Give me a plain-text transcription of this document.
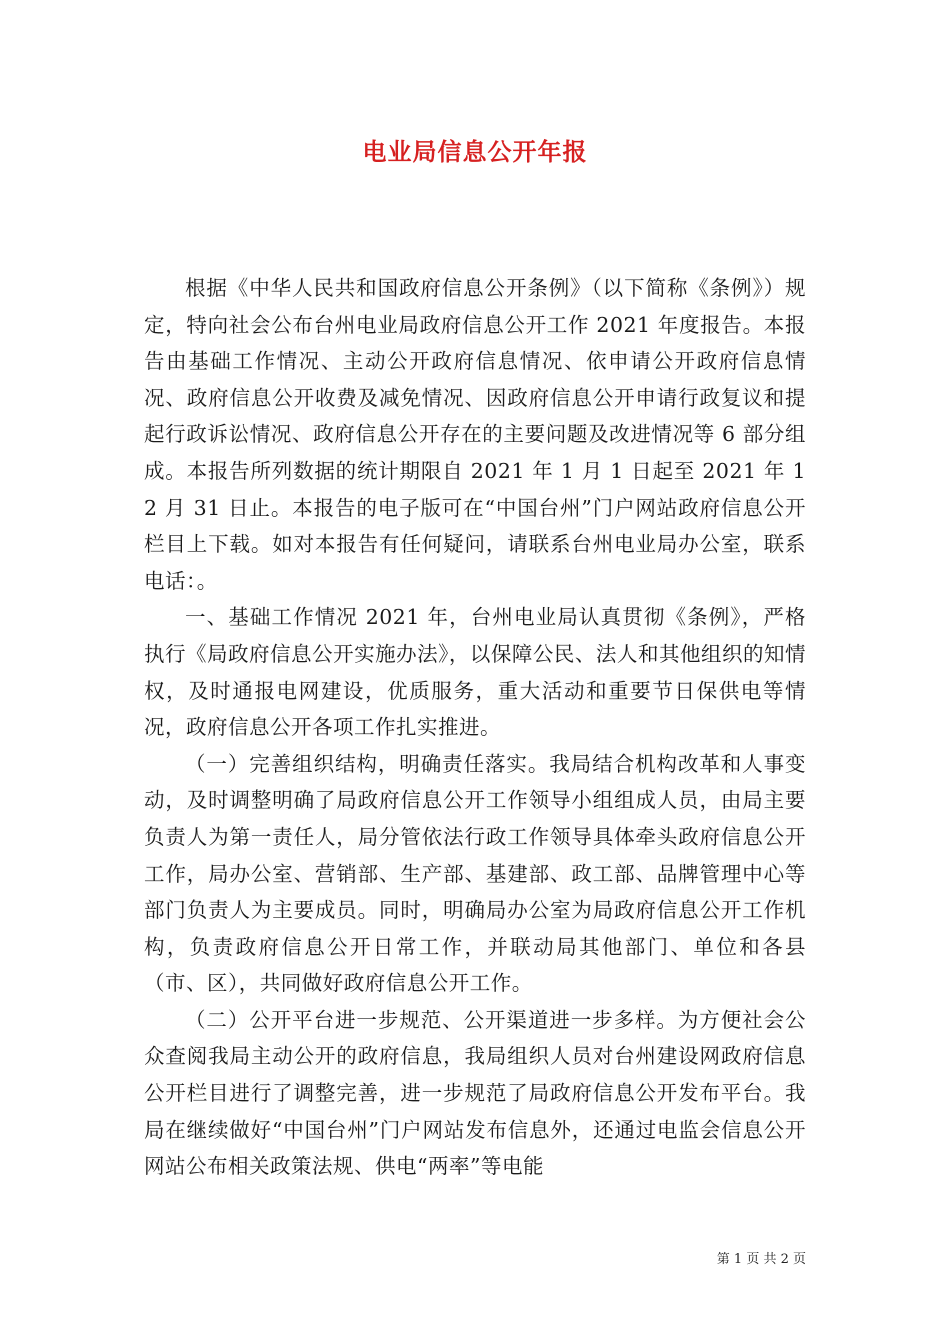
电业局信息公开年报

根据《中华人民共和国政府信息公开条例》（以下简称《条例》）规定，特向社会公布台州电业局政府信息公开工作 2021 年度报告。本报告由基础工作情况、主动公开政府信息情况、依申请公开政府信息情况、政府信息公开收费及减免情况、因政府信息公开申请行政复议和提起行政诉讼情况、政府信息公开存在的主要问题及改进情况等 6 部分组成。本报告所列数据的统计期限自 2021 年 1 月 1 日起至 2021 年 12 月 31 日止。本报告的电子版可在“中国台州”门户网站政府信息公开栏目上下载。如对本报告有任何疑问，请联系台州电业局办公室，联系电话：。

一、基础工作情况 2021 年，台州电业局认真贯彻《条例》，严格执行《局政府信息公开实施办法》，以保障公民、法人和其他组织的知情权，及时通报电网建设，优质服务，重大活动和重要节日保供电等情况，政府信息公开各项工作扎实推进。

（一）完善组织结构，明确责任落实。我局结合机构改革和人事变动，及时调整明确了局政府信息公开工作领导小组组成人员，由局主要负责人为第一责任人，局分管依法行政工作领导具体牵头政府信息公开工作，局办公室、营销部、生产部、基建部、政工部、品牌管理中心等部门负责人为主要成员。同时，明确局办公室为局政府信息公开工作机构，负责政府信息公开日常工作，并联动局其他部门、单位和各县（市、区），共同做好政府信息公开工作。

（二）公开平台进一步规范、公开渠道进一步多样。为方便社会公众查阅我局主动公开的政府信息，我局组织人员对台州建设网政府信息公开栏目进行了调整完善，进一步规范了局政府信息公开发布平台。我局在继续做好“中国台州”门户网站发布信息外，还通过电监会信息公开网站公布相关政策法规、供电“两率”等电能

第 1 页 共 2 页
